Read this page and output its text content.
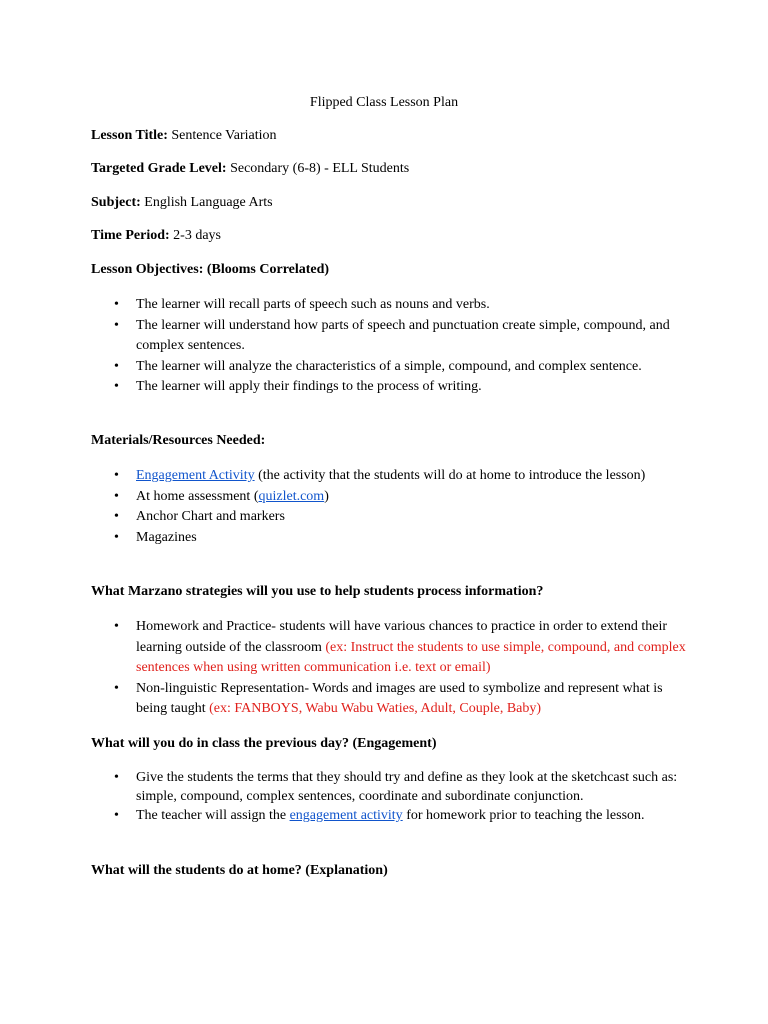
Flipped Class Lesson Plan
Lesson Title: Sentence Variation
Targeted Grade Level: Secondary (6-8) - ELL Students
Subject: English Language Arts
Time Period: 2-3 days
Lesson Objectives: (Blooms Correlated)
• The learner will recall parts of speech such as nouns and verbs.
• The learner will understand how parts of speech and punctuation create simple, compound, and complex sentences.
• The learner will analyze the characteristics of a simple, compound, and complex sentence.
• The learner will apply their findings to the process of writing.
Materials/Resources Needed:
• Engagement Activity (the activity that the students will do at home to introduce the lesson)
• At home assessment (quizlet.com)
• Anchor Chart and markers
• Magazines
What Marzano strategies will you use to help students process information?
• Homework and Practice- students will have various chances to practice in order to extend their learning outside of the classroom (ex: Instruct the students to use simple, compound, and complex sentences when using written communication i.e. text or email)
• Non-linguistic Representation- Words and images are used to symbolize and represent what is being taught (ex: FANBOYS, Wabu Wabu Waties, Adult, Couple, Baby)
What will you do in class the previous day? (Engagement)
• Give the students the terms that they should try and define as they look at the sketchcast such as: simple, compound, complex sentences, coordinate and subordinate conjunction.
• The teacher will assign the engagement activity for homework prior to teaching the lesson.
What will the students do at home? (Explanation)
